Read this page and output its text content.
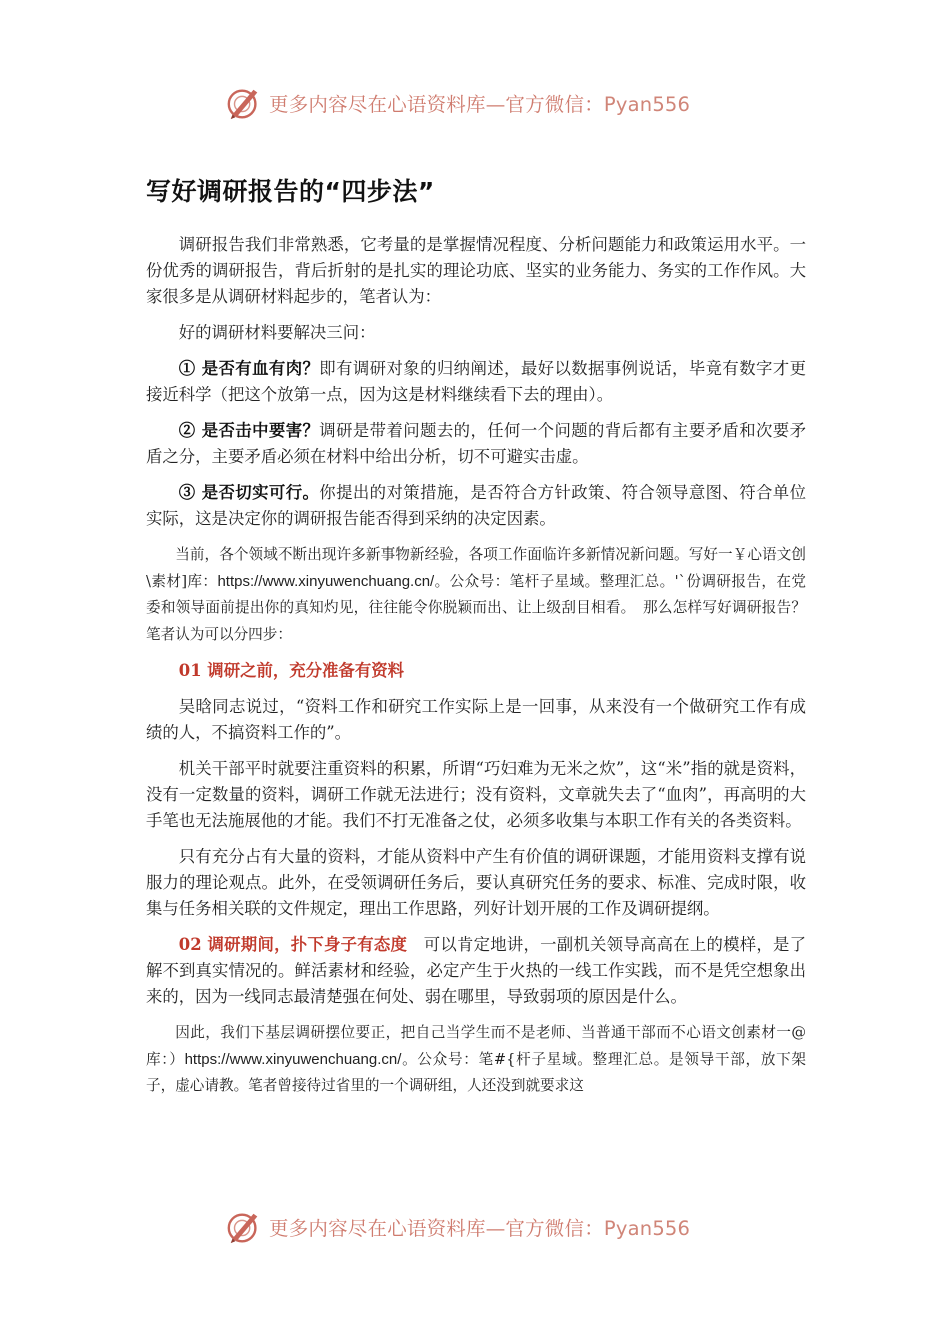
更多内容尽在心语资料库—官方微信：Pyan556
写好调研报告的“四步法”

调研报告我们非常熟悉，它考量的是掌握情况程度、分析问题能力和政策运用水平。一份优秀的调研报告，背后折射的是扎实的理论功底、坚实的业务能力、务实的工作作风。大家很多是从调研材料起步的，笔者认为：

好的调研材料要解决三问：

① 是否有血有肉？即有调研对象的归纳阐述，最好以数据事例说话，毕竟有数字才更接近科学（把这个放第一点，因为这是材料继续看下去的理由）。

② 是否击中要害？调研是带着问题去的，任何一个问题的背后都有主要矛盾和次要矛盾之分，主要矛盾必须在材料中给出分析，切不可避实击虚。

③ 是否切实可行。你提出的对策措施，是否符合方针政策、符合领导意图、符合单位实际，这是决定你的调研报告能否得到采纳的决定因素。

当前，各个领域不断出现许多新事物新经验，各项工作面临许多新情况新问题。写好一￥心语文创\素材]库：https://www.xinyuwenchuang.cn/。公众号：笔杆子星域。整理汇总。'`份调研报告，在党委和领导面前提出你的真知灼见，往往能令你脱颖而出、让上级刮目相看。　那么怎样写好调研报告？笔者认为可以分四步：

01 调研之前，充分准备有资料

吴晗同志说过，“资料工作和研究工作实际上是一回事，从来没有一个做研究工作有成绩的人，不搞资料工作的”。

机关干部平时就要注重资料的积累，所谓“巧妇难为无米之炊”，这“米”指的就是资料，没有一定数量的资料，调研工作就无法进行；没有资料，文章就失去了“血肉”，再高明的大手笔也无法施展他的才能。我们不打无准备之仗，必须多收集与本职工作有关的各类资料。

只有充分占有大量的资料，才能从资料中产生有价值的调研课题，才能用资料支撑有说服力的理论观点。此外，在受领调研任务后，要认真研究任务的要求、标准、完成时限，收集与任务相关联的文件规定，理出工作思路，列好计划开展的工作及调研提纲。

02 调研期间，扑下身子有态度　可以肯定地讲，一副机关领导高高在上的模样，是了解不到真实情况的。鲜活素材和经验，必定产生于火热的一线工作实践，而不是凭空想象出来的，因为一线同志最清楚强在何处、弱在哪里，导致弱项的原因是什么。

因此，我们下基层调研摆位要正，把自己当学生而不是老师、当普通干部而不心语文创素材一@库：）https://www.xinyuwenchuang.cn/。公众号：笔#{杆子星域。整理汇总。是领导干部，放下架子，虚心请教。笔者曾接待过省里的一个调研组，人还没到就要求这

更多内容尽在心语资料库—官方微信：Pyan556
